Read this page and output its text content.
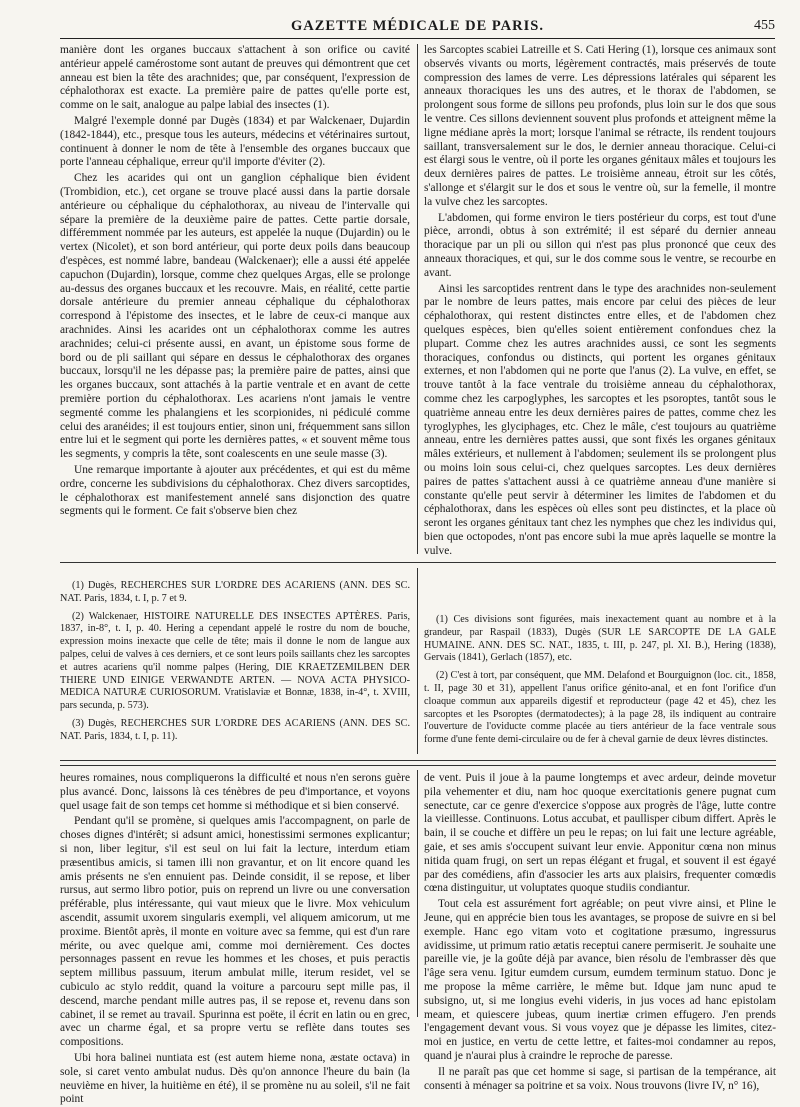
GAZETTE MÉDICALE DE PARIS.	455

manière dont les organes buccaux s'attachent à son orifice ou cavité antérieur appelé camérostome sont autant de preuves qui démontrent que cet anneau est bien la tête des arachnides; que, par conséquent, l'expression de céphalothorax est exacte. La première paire de pattes qu'elle porte est, comme on le sait, analogue au palpe labial des insectes (1).

Malgré l'exemple donné par Dugès (1834) et par Walckenaer, Dujardin (1842-1844), etc., presque tous les auteurs, médecins et vétérinaires surtout, continuent à donner le nom de tête à l'ensemble des organes buccaux que porte l'anneau céphalique, erreur qu'il importe d'éviter (2).

Chez les acarides qui ont un ganglion céphalique bien évident (Trombidion, etc.), cet organe se trouve placé aussi dans la partie dorsale antérieure ou céphalique du céphalothorax, au niveau de l'intervalle qui sépare la première de la deuxième paire de pattes. Cette partie dorsale, différemment nommée par les auteurs, est appelée la nuque (Dujardin) ou le vertex (Nicolet), et son bord antérieur, qui porte deux poils dans beaucoup d'espèces, est nommé labre, bandeau (Walckenaer); elle a aussi été appelée capuchon (Dujardin), lorsque, comme chez quelques Argas, elle se prolonge au-dessus des organes buccaux et les recouvre. Mais, en réalité, cette partie dorsale antérieure du premier anneau céphalique du céphalothorax correspond à l'épistome des insectes, et le labre de ceux-ci manque aux arachnides. Ainsi les acarides ont un céphalothorax comme les autres arachnides; celui-ci présente aussi, en avant, un épistome sous forme de bord ou de pli saillant qui sépare en dessus le céphalothorax des organes buccaux, lorsqu'il ne les dépasse pas; la première paire de pattes, ainsi que les organes buccaux, sont attachés à la partie ventrale et en avant de cette première portion du céphalothorax. Les acariens n'ont jamais le ventre segmenté comme les phalangiens et les scorpionides, ni pédiculé comme celui des aranéides; il est toujours entier, sinon uni, fréquemment sans sillon entre lui et le segment qui porte les dernières pattes, « et souvent même tous les segments, y compris la tête, sont coalescents en une seule masse (3).

Une remarque importante à ajouter aux précédentes, et qui est du même ordre, concerne les subdivisions du céphalothorax. Chez divers sarcoptides, le céphalothorax est manifestement annelé sans disjonction des quatre segments qui le forment. Ce fait s'observe bien chez

les Sarcoptes scabiei Latreille et S. Cati Hering (1), lorsque ces animaux sont observés vivants ou morts, légèrement contractés, mais préservés de toute compression des lames de verre. Les dépressions latérales qui séparent les anneaux thoraciques les uns des autres, et le thorax de l'abdomen, se prolongent sous forme de sillons peu profonds, plus loin sur le dos que sous le ventre. Ces sillons deviennent souvent plus profonds et atteignent même la ligne médiane après la mort; lorsque l'animal se rétracte, ils rendent toujours saillant, transversalement sur le dos, le dernier anneau thoracique. Celui-ci est élargi sous le ventre, où il porte les organes génitaux mâles et toujours les deux dernières paires de pattes. Le troisième anneau, étroit sur les côtés, s'allonge et s'élargit sur le dos et sous le ventre où, sur la femelle, il montre la vulve chez les sarcoptes.

L'abdomen, qui forme environ le tiers postérieur du corps, est tout d'une pièce, arrondi, obtus à son extrémité; il est séparé du dernier anneau thoracique par un pli ou sillon qui n'est pas plus prononcé que ceux des anneaux thoraciques, et qui, sur le dos comme sous le ventre, se recourbe en avant.

Ainsi les sarcoptides rentrent dans le type des arachnides non-seulement par le nombre de leurs pattes, mais encore par celui des pièces de leur céphalothorax, qui restent distinctes entre elles, et de l'abdomen chez quelques espèces, bien qu'elles soient entièrement confondues chez la plupart. Comme chez les autres arachnides aussi, ce sont les segments thoraciques, confondus ou distincts, qui portent les organes génitaux externes, et non l'abdomen qui ne porte que l'anus (2). La vulve, en effet, se trouve tantôt à la face ventrale du troisième anneau du céphalothorax, comme chez les carpoglyphes, les sarcoptes et les psoroptes, tantôt sous le quatrième anneau entre les deux dernières paires de pattes, comme chez les tyroglyphes, les glyciphages, etc. Chez le mâle, c'est toujours au quatrième anneau, entre les dernières pattes aussi, que sont fixés les organes génitaux mâles extérieurs, et nullement à l'abdomen; seulement ils se prolongent plus ou moins loin sous celui-ci, chez quelques sarcoptes. Les deux dernières paires de pattes s'attachent aussi à ce quatrième anneau d'une manière si constante qu'elle peut servir à déterminer les limites de l'abdomen et du céphalothorax, dans les espèces où elles sont peu distinctes, et la place où seront les organes génitaux tant chez les nymphes que chez les individus qui, bien que octopodes, n'ont pas encore subi la mue après laquelle se montre la vulve.

(1) Dugès, RECHERCHES SUR L'ORDRE DES ACARIENS (ANN. DES SC. NAT. Paris, 1834, t. I, p. 7 et 9.

(2) Walckenaer, HISTOIRE NATURELLE DES INSECTES APTÈRES. Paris, 1837, in-8°, t. I, p. 40. Hering a cependant appelé le rostre du nom de bouche, expression moins inexacte que celle de tête; mais il donne le nom de langue aux palpes, celui de valves à ces derniers, et ce sont leurs poils saillants chez les sarcoptes et autres acariens qu'il nomme palpes (Hering, DIE KRAETZEMILBEN DER THIERE UND EINIGE VERWANDTE ARTEN. — NOVA ACTA PHYSICO-MEDICA NATURÆ CURIOSORUM. Vratislaviæ et Bonnæ, 1838, in-4°, t. XVIII, pars secunda, p. 573).

(3) Dugès, RECHERCHES SUR L'ORDRE DES ACARIENS (ANN. DES SC. NAT. Paris, 1834, t. I, p. 11).

(1) Ces divisions sont figurées, mais inexactement quant au nombre et à la grandeur, par Raspail (1833), Dugès (SUR LE SARCOPTE DE LA GALE HUMAINE. ANN. DES SC. NAT., 1835, t. III, p. 247, pl. XI. B.), Hering (1838), Gervais (1841), Gerlach (1857), etc.

(2) C'est à tort, par conséquent, que MM. Delafond et Bourguignon (loc. cit., 1858, t. II, page 30 et 31), appellent l'anus orifice génito-anal, et en font l'orifice d'un cloaque commun aux appareils digestif et reproducteur (page 42 et 45), chez les sarcoptes et les Psoroptes (dermatodectes); à la page 28, ils indiquent au contraire l'ouverture de l'oviducte comme placée au tiers antérieur de la face ventrale sous forme d'une fente demi-circulaire ou de fer à cheval garnie de deux lèvres distinctes.

heures romaines, nous compliquerons la difficulté et nous n'en serons guère plus avancé. Donc, laissons là ces ténèbres de peu d'importance, et voyons quel usage fait de son temps cet homme si méthodique et si bien conservé.

Pendant qu'il se promène, si quelques amis l'accompagnent, on parle de choses dignes d'intérêt; si adsunt amici, honestissimi sermones explicantur; si non, liber legitur, s'il est seul on lui fait la lecture, interdum etiam præsentibus amicis, si tamen illi non gravantur, et on lit encore quand les amis présents ne s'en ennuient pas. Deinde considit, il se repose, et liber rursus, aut sermo libro potior, puis on reprend un livre ou une conversation préférable, plus intéressante, qui vaut mieux que le livre. Mox vehiculum ascendit, assumit uxorem singularis exempli, vel aliquem amicorum, ut me proxime. Bientôt après, il monte en voiture avec sa femme, qui est d'un rare mérite, ou avec quelque ami, comme moi dernièrement. Ces doctes personnages passent en revue les hommes et les choses, et puis peractis septem millibus passuum, iterum ambulat mille, iterum residet, vel se cubiculo ac stylo reddit, quand la voiture a parcouru sept mille pas, il descend, marche pendant mille autres pas, il se repose et, revenu dans son cabinet, il se remet au travail. Spurinna est poëte, il écrit en latin ou en grec, avec un charme égal, et sa propre vertu se reflète dans toutes ses compositions.

Ubi hora balinei nuntiata est (est autem hieme nona, æstate octava) in sole, si caret vento ambulat nudus. Dès qu'on annonce l'heure du bain (la neuvième en hiver, la huitième en été), il se promène nu au soleil, s'il ne fait point

de vent. Puis il joue à la paume longtemps et avec ardeur, deinde movetur pila vehementer et diu, nam hoc quoque exercitationis genere pugnat cum senectute, car ce genre d'exercice s'oppose aux progrès de l'âge, lutte contre la vieillesse. Continuons. Lotus accubat, et paullisper cibum differt. Après le bain, il se couche et diffère un peu le repas; on lui fait une lecture agréable, gaie, et ses amis s'occupent suivant leur envie. Apponitur cœna non minus nitida quam frugi, on sert un repas élégant et frugal, et souvent il est égayé par des comédiens, afin d'associer les arts aux plaisirs, frequenter comœdis cœna distinguitur, ut voluptates quoque studiis condiantur.

Tout cela est assurément fort agréable; on peut vivre ainsi, et Pline le Jeune, qui en apprécie bien tous les avantages, se propose de suivre en si bel exemple. Hanc ego vitam voto et cogitatione præsumo, ingressurus avidissime, ut primum ratio ætatis receptui canere permiserit. Je souhaite une pareille vie, je la goûte déjà par avance, bien résolu de l'embrasser dès que l'âge sera venu. Igitur eumdem cursum, eumdem terminum statuo. Donc je me propose la même carrière, le même but. Idque jam nunc apud te subsigno, ut, si me longius evehi videris, in jus voces ad hanc epistolam meam, et quiescere jubeas, quum inertiæ crimen effugero. J'en prends l'engagement devant vous. Si vous voyez que je dépasse les limites, citez-moi en justice, en vertu de cette lettre, et faites-moi condamner au repos, quand je n'aurai plus à craindre le reproche de paresse.

Il ne paraît pas que cet homme si sage, si partisan de la tempérance, ait consenti à ménager sa poitrine et sa voix. Nous trouvons (livre IV, n° 16),
